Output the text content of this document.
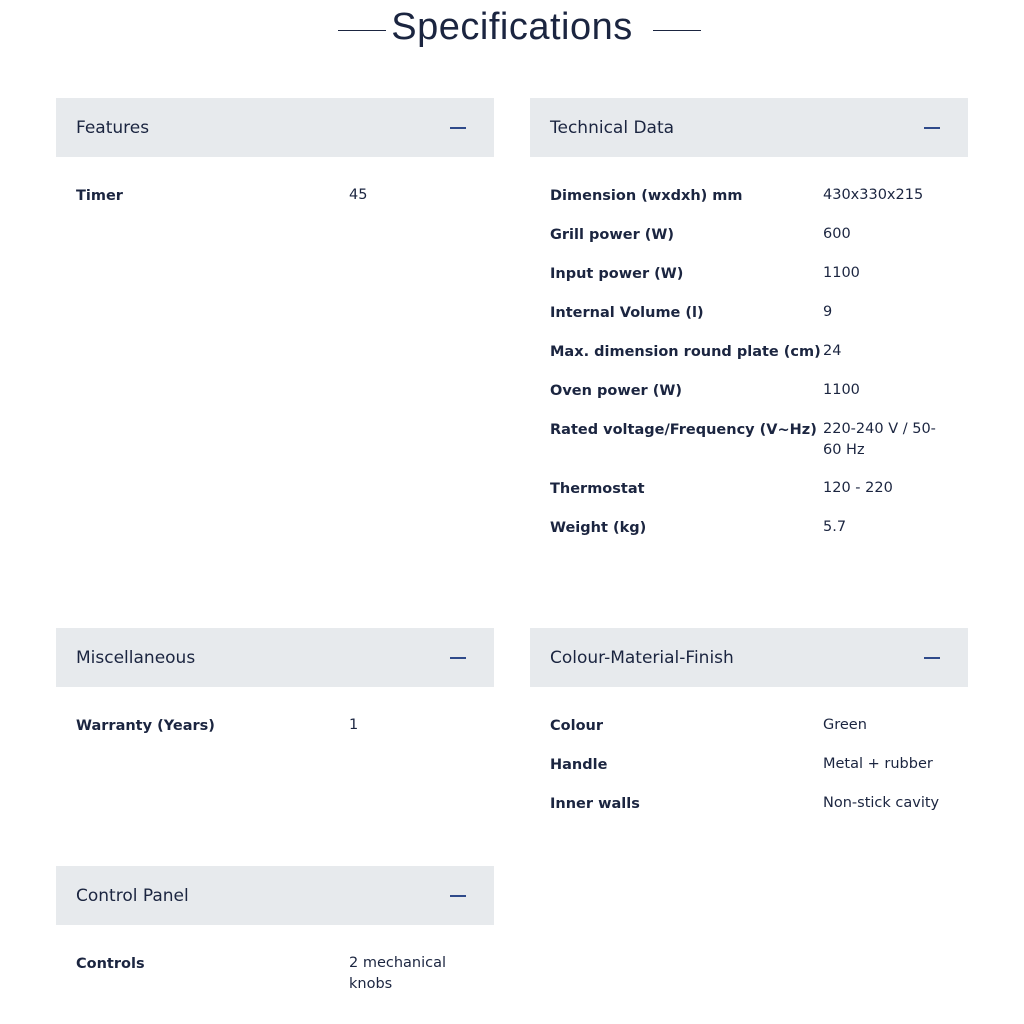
Specifications
Features
Timer	45
Technical Data
Dimension (wxdxh) mm	430x330x215
Grill power (W)	600
Input power (W)	1100
Internal Volume (l)	9
Max. dimension round plate (cm) 24
Oven power (W)	1100
Rated voltage/Frequency (V~Hz) 220-240 V / 50-60 Hz
Thermostat	120 - 220
Weight (kg)	5.7
Miscellaneous
Warranty (Years)	1
Colour-Material-Finish
Colour	Green
Handle	Metal + rubber
Inner walls	Non-stick cavity
Control Panel
Controls	2 mechanical knobs
